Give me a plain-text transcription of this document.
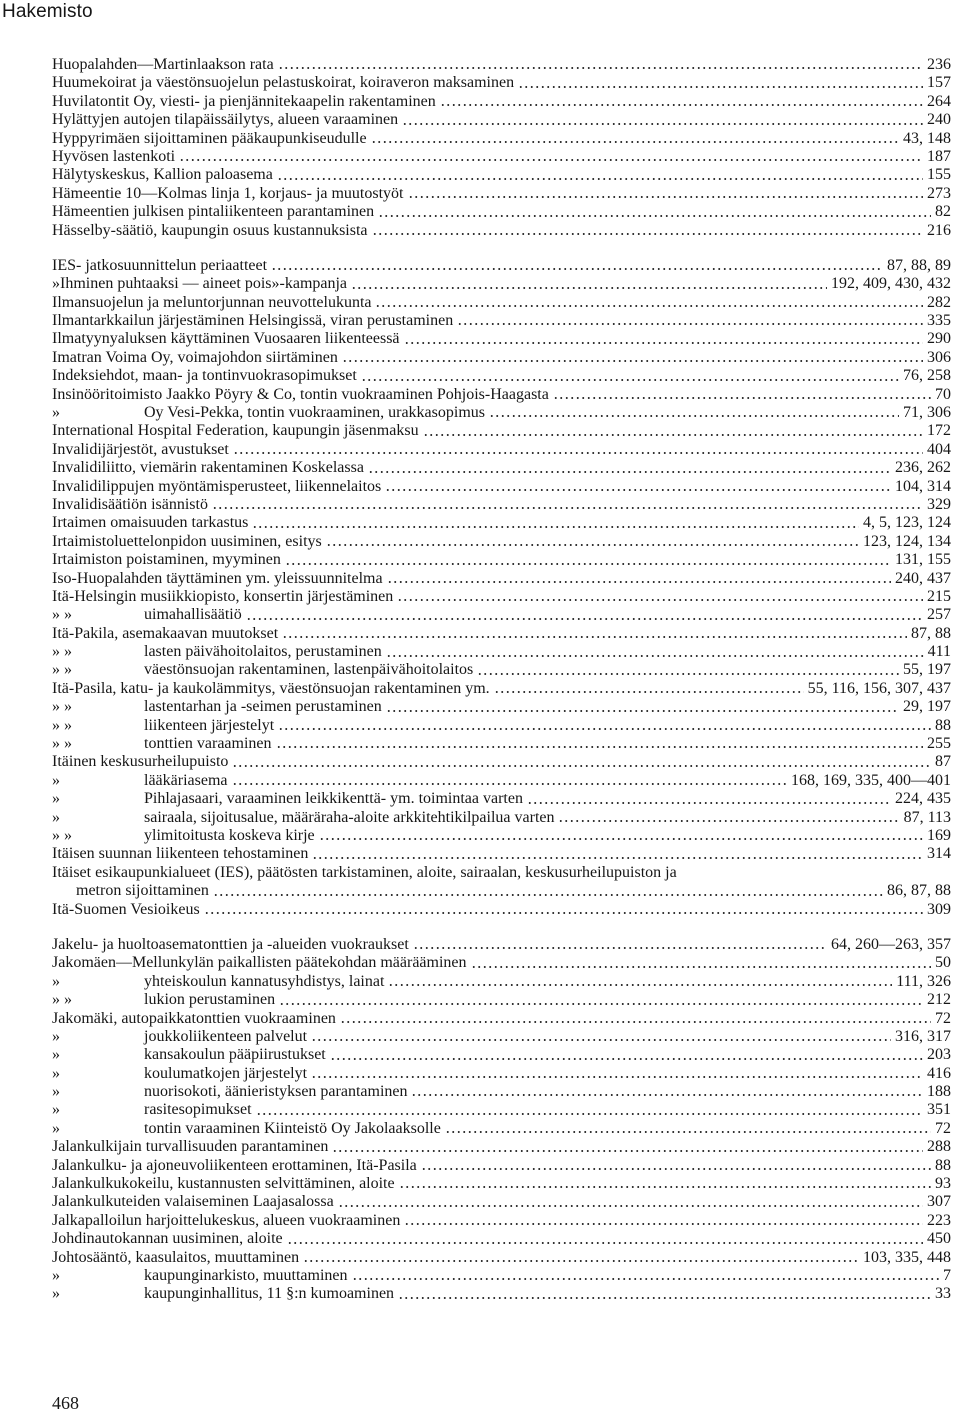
Hakemisto
Huopalahden—Martinlaakson rata	236
Huumekoirat ja väestönsuojelun pelastuskoirat, koiraveron maksaminen	157
Huvilatontit Oy, viesti- ja pienjännitekaapelin rakentaminen	264
Hylättyjen autojen tilapäissäilytys, alueen varaaminen	240
Hyppyrimäen sijoittaminen pääkaupunkiseudulle	43, 148
Hyvösen lastenkoti	187
Hälytyskeskus, Kallion paloasema	155
Hämeentie 10—Kolmas linja 1, korjaus- ja muutostyöt	273
Hämeentien julkisen pintaliikenteen parantaminen	82
Hässelby-säätiö, kaupungin osuus kustannuksista	216
IES- jatkosuunnittelun periaatteet	87, 88, 89
»Ihminen puhtaaksi — aineet pois»-kampanja	192, 409, 430, 432
Ilmansuojelun ja meluntorjunnan neuvottelukunta	282
Ilmantarkkailun järjestäminen Helsingissä, viran perustaminen	335
Ilmatyynyaluksen käyttäminen Vuosaaren liikenteessä	290
Imatran Voima Oy, voimajohdon siirtäminen	306
Indeksiehdot, maan- ja tontinvuokrasopimukset	76, 258
Insinööritoimisto Jaakko Pöyry & Co, tontin vuokraaminen Pohjois-Haagasta	70
»	Oy Vesi-Pekka, tontin vuokraaminen, urakkasopimus	71, 306
International Hospital Federation, kaupungin jäsenmaksu	172
Invalidijärjestöt, avustukset	404
Invalidiliitto, viemärin rakentaminen Koskelassa	236, 262
Invalidilippujen myöntämisperusteet, liikennelaitos	104, 314
Invalidisäätiön isännistö	329
Irtaimen omaisuuden tarkastus	4, 5, 123, 124
Irtaimistoluettelonpidon uusiminen, esitys	123, 124, 134
Irtaimiston poistaminen, myyminen	131, 155
Iso-Huopalahden täyttäminen ym. yleissuunnitelma	240, 437
Itä-Helsingin musiikkiopisto, konsertin järjestäminen	215
» »	uimahallisäätiö	257
Itä-Pakila, asemakaavan muutokset	87, 88
» »	lasten päivähoitolaitos, perustaminen	411
» »	väestönsuojan rakentaminen, lastenpäivähoitolaitos	55, 197
Itä-Pasila, katu- ja kaukolämmitys, väestönsuojan rakentaminen ym.	55, 116, 156, 307, 437
» »	lastentarhan ja -seimen perustaminen	29, 197
» »	liikenteen järjestelyt	88
» »	tonttien varaaminen	255
Itäinen keskusurheilupuisto	87
»	lääkäriasema	168, 169, 335, 400—401
»	Pihlajasaari, varaaminen leikkikenttä- ym. toimintaa varten	224, 435
»	sairaala, sijoitusalue, määräraha-aloite arkkitehtikilpailua varten	87, 113
» »	ylimitoitusta koskeva kirje	169
Itäisen suunnan liikenteen tehostaminen	314
Itäiset esikaupunkialueet (IES), päätösten tarkistaminen, aloite, sairaalan, keskusurheilupuiston ja
metron sijoittaminen	86, 87, 88
Itä-Suomen Vesioikeus	309
Jakelu- ja huoltoasematonttien ja -alueiden vuokraukset	64, 260—263, 357
Jakomäen—Mellunkylän paikallisten päätekohdan määrääminen	50
»	yhteiskoulun kannatusyhdistys, lainat	111, 326
» »	lukion perustaminen	212
Jakomäki, autopaikkatonttien vuokraaminen	72
»	joukkoliikenteen palvelut	316, 317
»	kansakoulun pääpiirustukset	203
»	koulumatkojen järjestelyt	416
»	nuorisokoti, äänieristyksen parantaminen	188
»	rasitesopimukset	351
»	tontin varaaminen Kiinteistö Oy Jakolaaksolle	72
Jalankulkijain turvallisuuden parantaminen	288
Jalankulku- ja ajoneuvoliikenteen erottaminen, Itä-Pasila	88
Jalankulkukokeilu, kustannusten selvittäminen, aloite	93
Jalankulkuteiden valaiseminen Laajasalossa	307
Jalkapalloilun harjoittelukeskus, alueen vuokraaminen	223
Johdinautokannan uusiminen, aloite	450
Johtosääntö, kaasulaitos, muuttaminen	103, 335, 448
»	kaupunginarkisto, muuttaminen	7
»	kaupunginhallitus, 11 §:n kumoaminen	33
468
